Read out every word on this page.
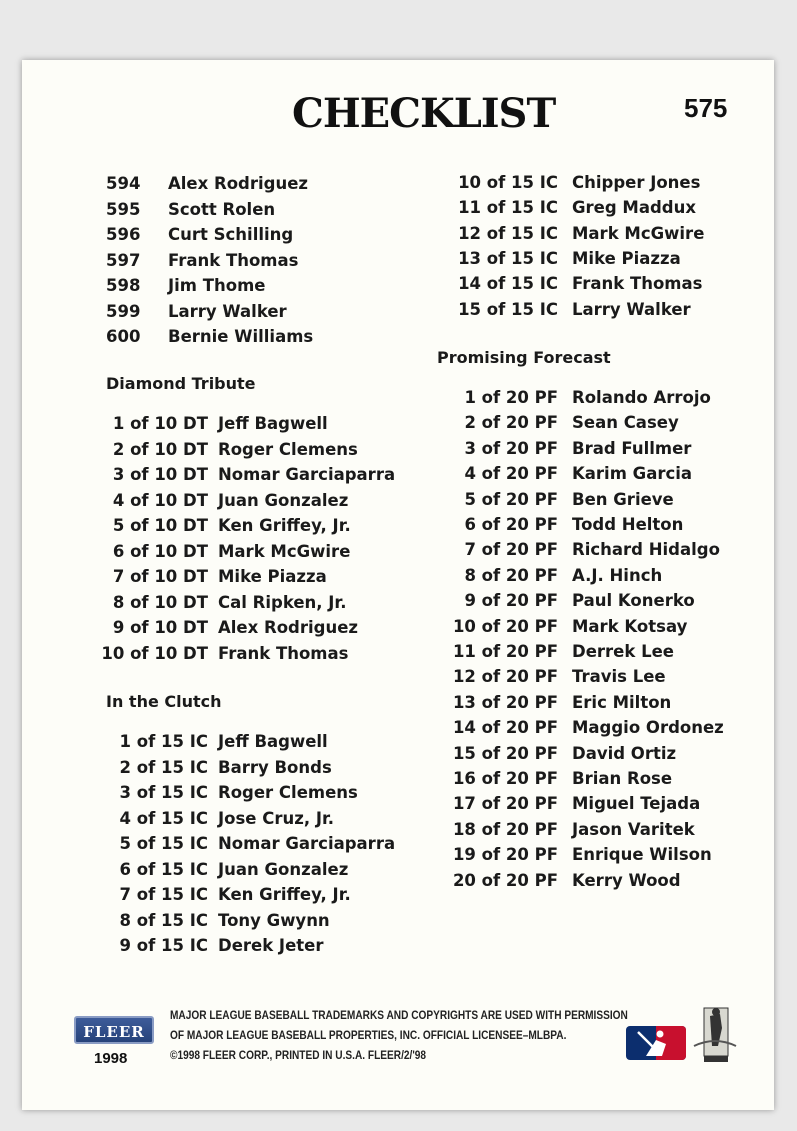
CHECKLIST	575
594 Alex Rodriguez
595 Scott Rolen
596 Curt Schilling
597 Frank Thomas
598 Jim Thome
599 Larry Walker
600 Bernie Williams
Diamond Tribute
1 of 10 DT Jeff Bagwell
2 of 10 DT Roger Clemens
3 of 10 DT Nomar Garciaparra
4 of 10 DT Juan Gonzalez
5 of 10 DT Ken Griffey, Jr.
6 of 10 DT Mark McGwire
7 of 10 DT Mike Piazza
8 of 10 DT Cal Ripken, Jr.
9 of 10 DT Alex Rodriguez
10 of 10 DT Frank Thomas
In the Clutch
1 of 15 IC Jeff Bagwell
2 of 15 IC Barry Bonds
3 of 15 IC Roger Clemens
4 of 15 IC Jose Cruz, Jr.
5 of 15 IC Nomar Garciaparra
6 of 15 IC Juan Gonzalez
7 of 15 IC Ken Griffey, Jr.
8 of 15 IC Tony Gwynn
9 of 15 IC Derek Jeter
10 of 15 IC Chipper Jones
11 of 15 IC Greg Maddux
12 of 15 IC Mark McGwire
13 of 15 IC Mike Piazza
14 of 15 IC Frank Thomas
15 of 15 IC Larry Walker
Promising Forecast
1 of 20 PF Rolando Arrojo
2 of 20 PF Sean Casey
3 of 20 PF Brad Fullmer
4 of 20 PF Karim Garcia
5 of 20 PF Ben Grieve
6 of 20 PF Todd Helton
7 of 20 PF Richard Hidalgo
8 of 20 PF A.J. Hinch
9 of 20 PF Paul Konerko
10 of 20 PF Mark Kotsay
11 of 20 PF Derrek Lee
12 of 20 PF Travis Lee
13 of 20 PF Eric Milton
14 of 20 PF Maggio Ordonez
15 of 20 PF David Ortiz
16 of 20 PF Brian Rose
17 of 20 PF Miguel Tejada
18 of 20 PF Jason Varitek
19 of 20 PF Enrique Wilson
20 of 20 PF Kerry Wood
FLEER
1998
MAJOR LEAGUE BASEBALL TRADEMARKS AND COPYRIGHTS ARE USED WITH PERMISSION
OF MAJOR LEAGUE BASEBALL PROPERTIES, INC. OFFICIAL LICENSEE–MLBPA.
©1998 FLEER CORP., PRINTED IN U.S.A. FLEER/2/'98
